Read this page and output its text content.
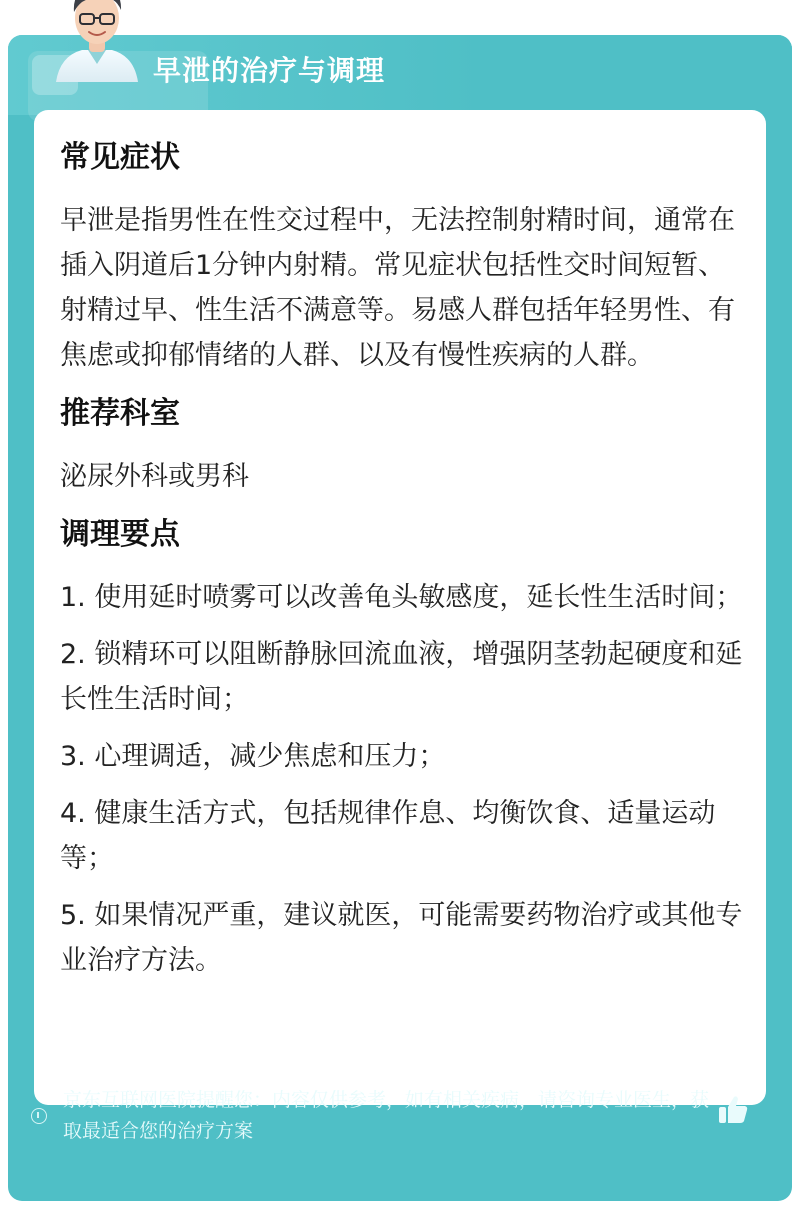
早泄的治疗与调理

常见症状

早泄是指男性在性交过程中，无法控制射精时间，通常在插入阴道后1分钟内射精。常见症状包括性交时间短暂、射精过早、性生活不满意等。易感人群包括年轻男性、有焦虑或抑郁情绪的人群、以及有慢性疾病的人群。

推荐科室

泌尿外科或男科

调理要点

1. 使用延时喷雾可以改善龟头敏感度，延长性生活时间；

2. 锁精环可以阻断静脉回流血液，增强阴茎勃起硬度和延长性生活时间；

3. 心理调适，减少焦虑和压力；

4. 健康生活方式，包括规律作息、均衡饮食、适量运动等；

5. 如果情况严重，建议就医，可能需要药物治疗或其他专业治疗方法。

京东互联网医院提醒您：内容仅供参考，如有相关疾病，请咨询专业医生，获取最适合您的治疗方案
